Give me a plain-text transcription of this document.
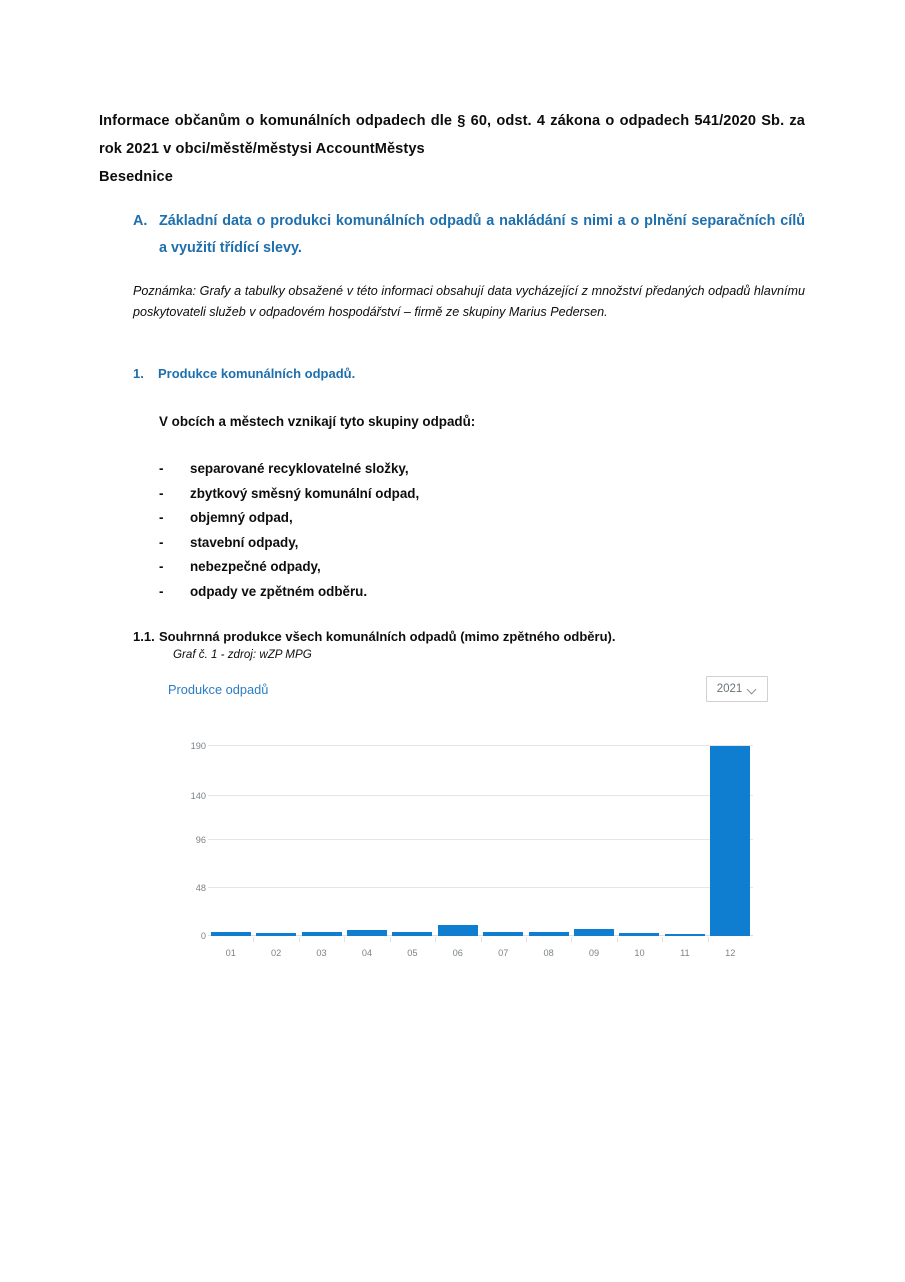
Informace občanům o komunálních odpadech dle § 60, odst. 4 zákona o odpadech 541/2020 Sb. za rok 2021 v obci/městě/městysi AccountMěstys
Besednice
A. Základní data o produkci komunálních odpadů a nakládání s nimi a o plnění separačních cílů a využití třídící slevy.
Poznámka: Grafy a tabulky obsažené v této informaci obsahují data vycházející z množství předaných odpadů hlavnímu poskytovateli služeb v odpadovém hospodářství – firmě ze skupiny Marius Pedersen.
1. Produkce komunálních odpadů.
V obcích a městech vznikají tyto skupiny odpadů:
-	separované recyklovatelné složky,
-	zbytkový směsný komunální odpad,
-	objemný odpad,
-	stavební odpady,
-	nebezpečné odpady,
-	odpady ve zpětném odběru.
1.1. Souhrnná produkce všech komunálních odpadů (mimo zpětného odběru).
Graf č. 1 - zdroj: wZP MPG
Produkce odpadů	2021
0
48
96
140
190
01	02	03	04	05	06	07	08	09	10	11	12
